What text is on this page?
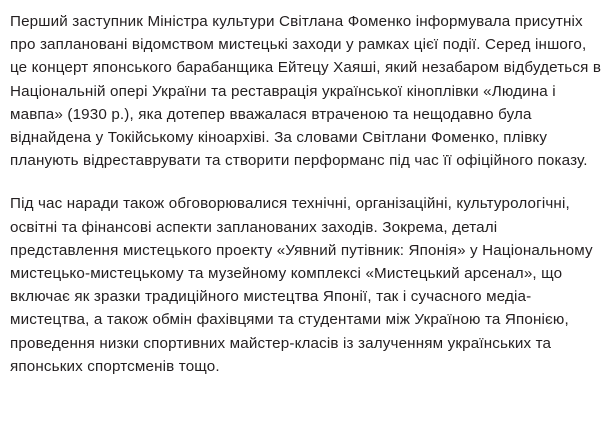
Перший заступник Міністра культури Світлана Фоменко інформувала присутніх про заплановані відомством мистецькі заходи у рамках цієї події. Серед іншого, це концерт японського барабанщика Ейтецу Хаяші, який незабаром відбудеться в Національній опері України та реставрація української кіноплівки «Людина і мавпа» (1930 р.), яка дотепер вважалася втраченою та нещодавно була віднайдена у Токійському кіноархіві. За словами Світлани Фоменко, плівку планують відреставрувати та створити перформанс під час її офіційного показу.

Під час наради також обговорювалися технічні, організаційні, культурологічні, освітні та фінансові аспекти запланованих заходів. Зокрема, деталі представлення мистецького проекту «Уявний путівник: Японія» у Національному мистецько-мистецькому та музейному комплексі «Мистецький арсенал», що включає як зразки традиційного мистецтва Японії, так і сучасного медіа-мистецтва, а також обмін фахівцями та студентами між Україною та Японією, проведення низки спортивних майстер-класів із залученням українських та японських спортсменів тощо.
